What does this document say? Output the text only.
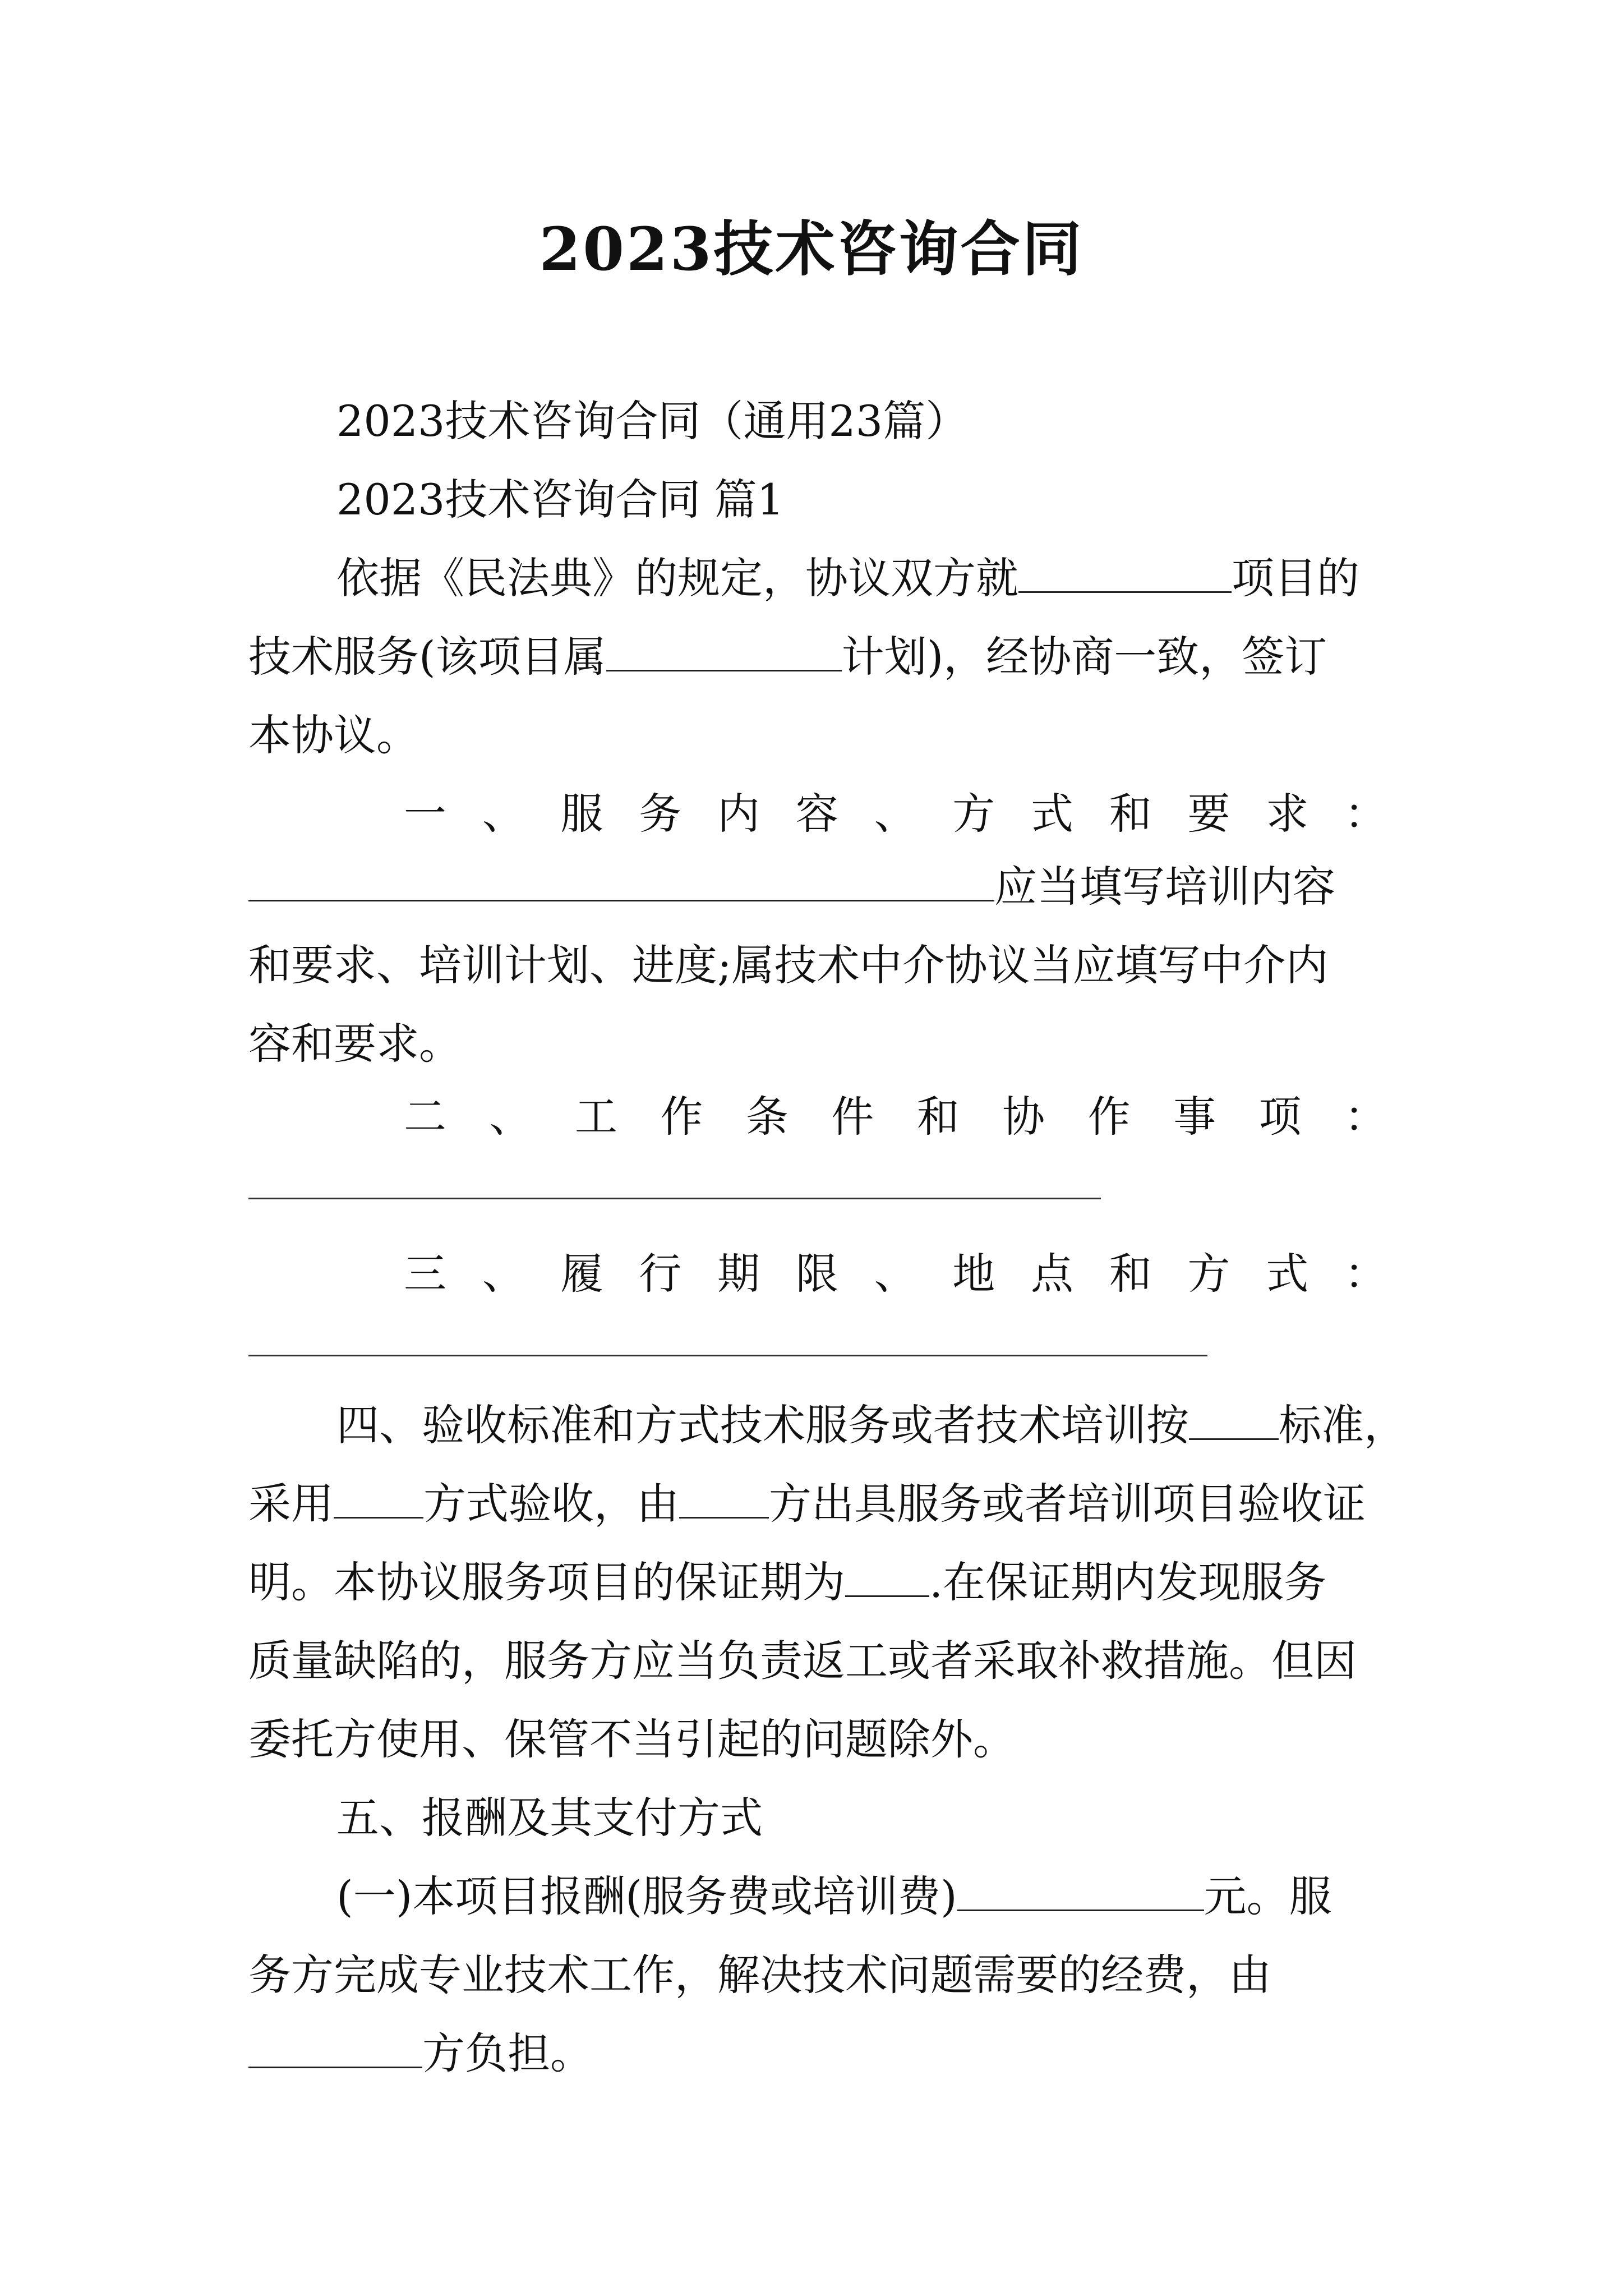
2023技术咨询合同
2023技术咨询合同（通用23篇）
2023技术咨询合同 篇1
依据《民法典》的规定，协议双方就	项目的
技术服务(该项目属	计划)，经协商一致，签订
本协议。
一、服务内容、方式和要求：
应当填写培训内容
和要求、培训计划、进度;属技术中介协议当应填写中介内
容和要求。
二、工作条件和协作事项：
三、履行期限、地点和方式：
四、验收标准和方式技术服务或者技术培训按 标准，
采用 方式验收，由 方出具服务或者培训项目验收证
明。本协议服务项目的保证期为 .在保证期内发现服务
质量缺陷的，服务方应当负责返工或者采取补救措施。但因
委托方使用、保管不当引起的问题除外。
五、报酬及其支付方式
(一)本项目报酬(服务费或培训费)	元。服
务方完成专业技术工作，解决技术问题需要的经费，由
方负担。
